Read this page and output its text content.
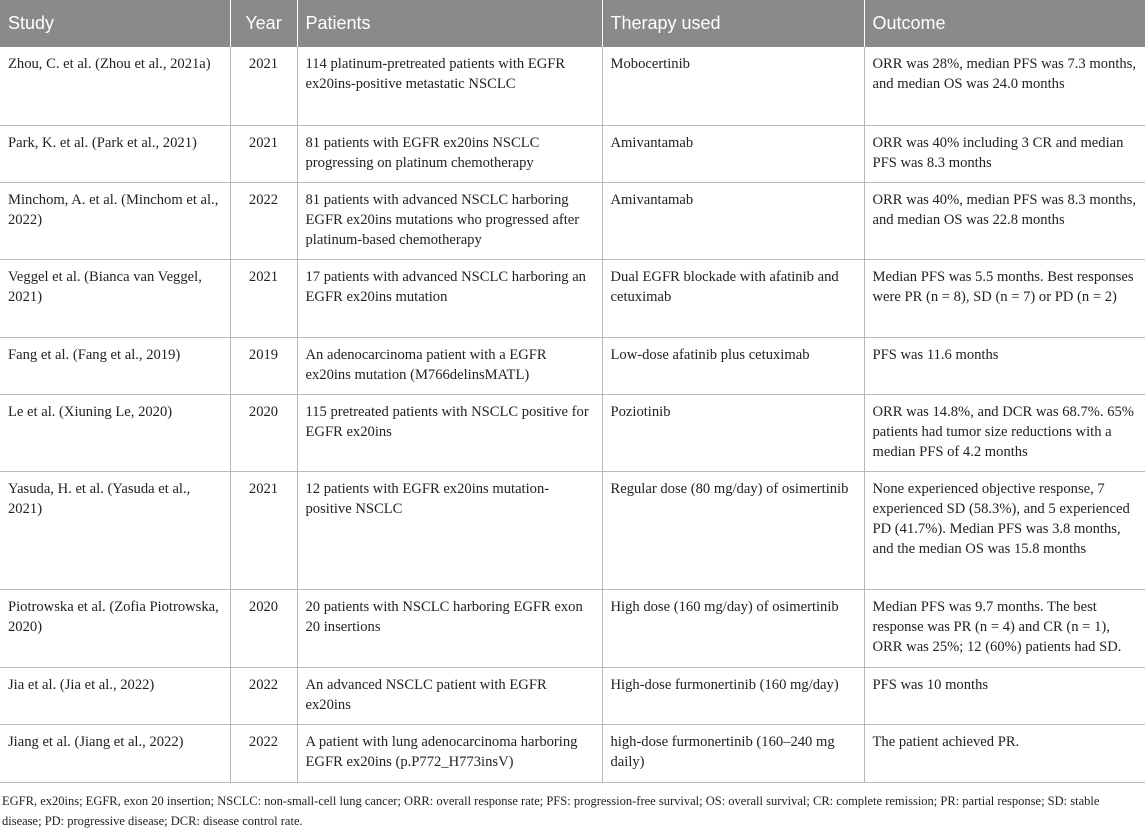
Study	Year	Patients	Therapy used	Outcome
Zhou, C. et al. (Zhou et al., 2021a)	2021	114 platinum-pretreated patients with EGFR ex20ins-positive metastatic NSCLC	Mobocertinib	ORR was 28%, median PFS was 7.3 months, and median OS was 24.0 months
Park, K. et al. (Park et al., 2021)	2021	81 patients with EGFR ex20ins NSCLC progressing on platinum chemotherapy	Amivantamab	ORR was 40% including 3 CR and median PFS was 8.3 months
Minchom, A. et al. (Minchom et al., 2022)	2022	81 patients with advanced NSCLC harboring EGFR ex20ins mutations who progressed after platinum-based chemotherapy	Amivantamab	ORR was 40%, median PFS was 8.3 months, and median OS was 22.8 months
Veggel et al. (Bianca van Veggel, 2021)	2021	17 patients with advanced NSCLC harboring an EGFR ex20ins mutation	Dual EGFR blockade with afatinib and cetuximab	Median PFS was 5.5 months. Best responses were PR (n = 8), SD (n = 7) or PD (n = 2)
Fang et al. (Fang et al., 2019)	2019	An adenocarcinoma patient with a EGFR ex20ins mutation (M766delinsMATL)	Low-dose afatinib plus cetuximab	PFS was 11.6 months
Le et al. (Xiuning Le, 2020)	2020	115 pretreated patients with NSCLC positive for EGFR ex20ins	Poziotinib	ORR was 14.8%, and DCR was 68.7%. 65% patients had tumor size reductions with a median PFS of 4.2 months
Yasuda, H. et al. (Yasuda et al., 2021)	2021	12 patients with EGFR ex20ins mutation-positive NSCLC	Regular dose (80 mg/day) of osimertinib	None experienced objective response, 7 experienced SD (58.3%), and 5 experienced PD (41.7%). Median PFS was 3.8 months, and the median OS was 15.8 months
Piotrowska et al. (Zofia Piotrowska, 2020)	2020	20 patients with NSCLC harboring EGFR exon 20 insertions	High dose (160 mg/day) of osimertinib	Median PFS was 9.7 months. The best response was PR (n = 4) and CR (n = 1), ORR was 25%; 12 (60%) patients had SD.
Jia et al. (Jia et al., 2022)	2022	An advanced NSCLC patient with EGFR ex20ins	High-dose furmonertinib (160 mg/day)	PFS was 10 months
Jiang et al. (Jiang et al., 2022)	2022	A patient with lung adenocarcinoma harboring EGFR ex20ins (p.P772_H773insV)	high-dose furmonertinib (160–240 mg daily)	The patient achieved PR.
EGFR, ex20ins; EGFR, exon 20 insertion; NSCLC: non-small-cell lung cancer; ORR: overall response rate; PFS: progression-free survival; OS: overall survival; CR: complete remission; PR: partial response; SD: stable disease; PD: progressive disease; DCR: disease control rate.
